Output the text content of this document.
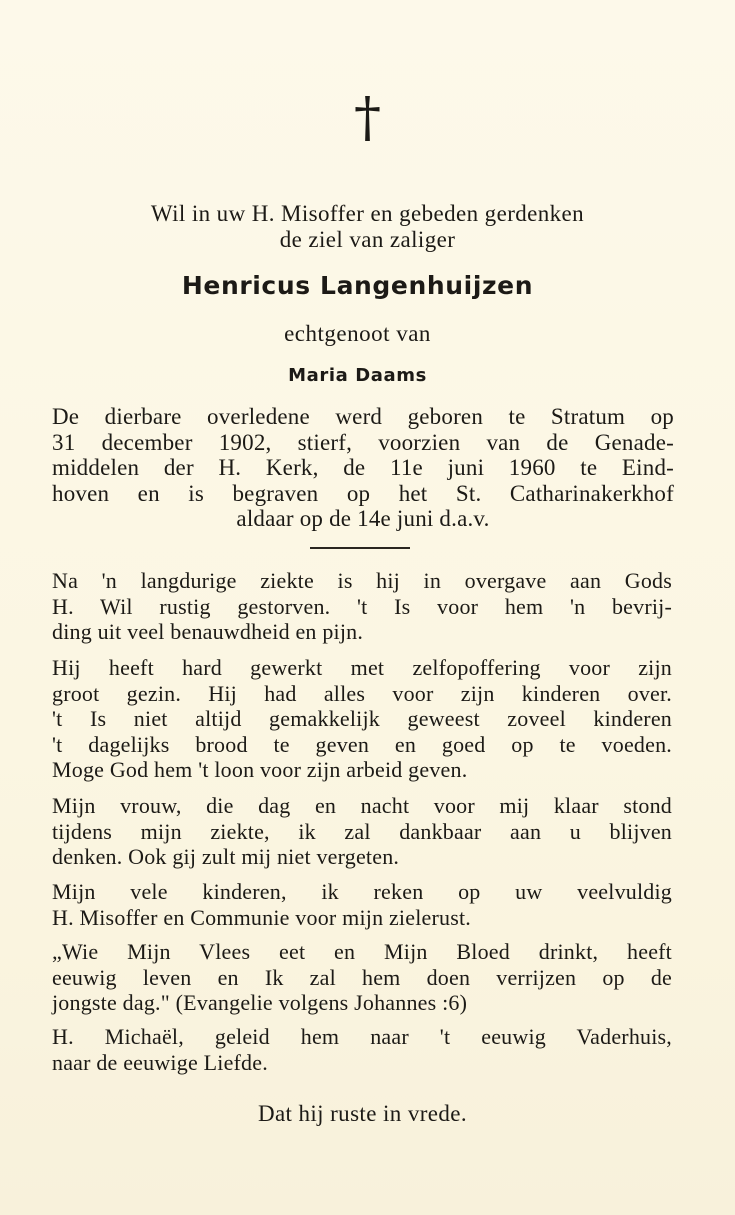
†
Wil in uw H. Misoffer en gebeden gerdenken
de ziel van zaliger
Henricus Langenhuijzen
echtgenoot van
Maria Daams
De dierbare overledene werd geboren te Stratum op
31 december 1902, stierf, voorzien van de Genade-
middelen der H. Kerk, de 11e juni 1960 te Eind-
hoven en is begraven op het St. Catharinakerkhof
aldaar op de 14e juni d.a.v.
Na 'n langdurige ziekte is hij in overgave aan Gods
H. Wil rustig gestorven. 't Is voor hem 'n bevrij-
ding uit veel benauwdheid en pijn.
Hij heeft hard gewerkt met zelfopoffering voor zijn
groot gezin. Hij had alles voor zijn kinderen over.
't Is niet altijd gemakkelijk geweest zoveel kinderen
't dagelijks brood te geven en goed op te voeden.
Moge God hem 't loon voor zijn arbeid geven.
Mijn vrouw, die dag en nacht voor mij klaar stond
tijdens mijn ziekte, ik zal dankbaar aan u blijven
denken. Ook gij zult mij niet vergeten.
Mijn vele kinderen, ik reken op uw veelvuldig
H. Misoffer en Communie voor mijn zielerust.
„Wie Mijn Vlees eet en Mijn Bloed drinkt, heeft
eeuwig leven en Ik zal hem doen verrijzen op de
jongste dag." (Evangelie volgens Johannes :6)
H. Michaël, geleid hem naar 't eeuwig Vaderhuis,
naar de eeuwige Liefde.
Dat hij ruste in vrede.
